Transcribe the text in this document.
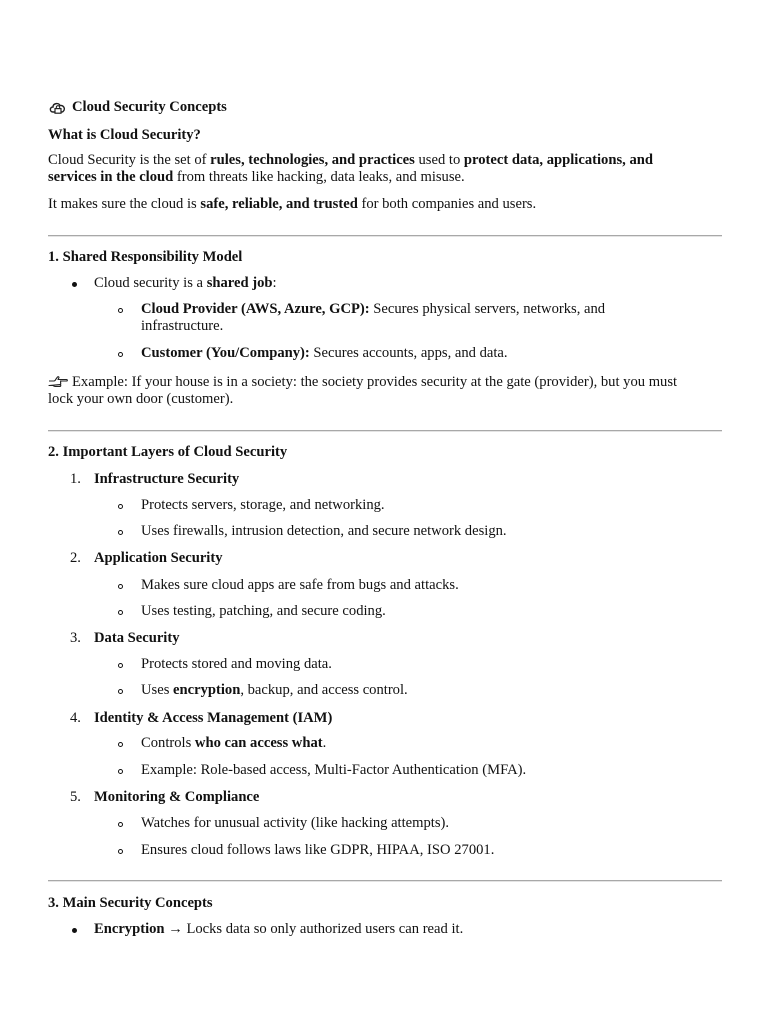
Cloud Security Concepts
What is Cloud Security?
Cloud Security is the set of rules, technologies, and practices used to protect data, applications, and
services in the cloud from threats like hacking, data leaks, and misuse.
It makes sure the cloud is safe, reliable, and trusted for both companies and users.
1. Shared Responsibility Model
Cloud security is a shared job:
Cloud Provider (AWS, Azure, GCP): Secures physical servers, networks, and
infrastructure.
Customer (You/Company): Secures accounts, apps, and data.
Example: If your house is in a society: the society provides security at the gate (provider), but you must
lock your own door (customer).
2. Important Layers of Cloud Security
1. Infrastructure Security
Protects servers, storage, and networking.
Uses firewalls, intrusion detection, and secure network design.
2. Application Security
Makes sure cloud apps are safe from bugs and attacks.
Uses testing, patching, and secure coding.
3. Data Security
Protects stored and moving data.
Uses encryption, backup, and access control.
4. Identity & Access Management (IAM)
Controls who can access what.
Example: Role-based access, Multi-Factor Authentication (MFA).
5. Monitoring & Compliance
Watches for unusual activity (like hacking attempts).
Ensures cloud follows laws like GDPR, HIPAA, ISO 27001.
3. Main Security Concepts
Encryption → Locks data so only authorized users can read it.
